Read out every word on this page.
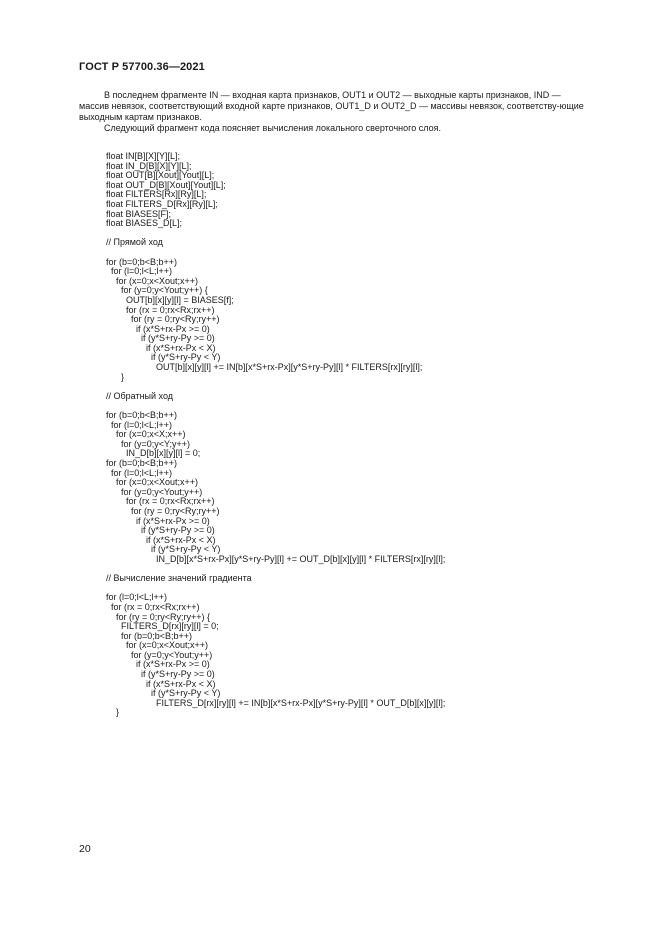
ГОСТ Р 57700.36—2021

В последнем фрагменте IN — входная карта признаков, OUT1 и OUT2 — выходные карты признаков, IND — массив невязок, соответствующий входной карте признаков, OUT1_D и OUT2_D — массивы невязок, соответству-ющие выходным картам признаков.

Следующий фрагмент кода поясняет вычисления локального сверточного слоя.

float IN[B][X][Y][L];
float IN_D[B][X][Y][L];
float OUT[B][Xout][Yout][L];
float OUT_D[B][Xout][Yout][L];
float FILTERS[Rx][Ry][L];
float FILTERS_D[Rx][Ry][L];
float BIASES[F];
float BIASES_D[L];
// Прямой ход
for (b=0;b<B;b++)
for (l=0;l<L;l++)
for (x=0;x<Xout;x++)
for (y=0;y<Yout;y++) {
OUT[b][x][y][l] = BIASES[f];
for (rx = 0;rx<Rx;rx++)
for (ry = 0;ry<Ry;ry++)
if (x*S+rx-Px >= 0)
if (y*S+ry-Py >= 0)
if (x*S+rx-Px < X)
if (y*S+ry-Py < Y)
OUT[b][x][y][l] += IN[b][x*S+rx-Px][y*S+ry-Py][l] * FILTERS[rx][ry][l];
}
// Обратный ход
for (b=0;b<B;b++)
for (l=0;l<L;l++)
for (x=0;x<X;x++)
for (y=0;y<Y;y++)
IN_D[b][x][y][l] = 0;
for (b=0;b<B;b++)
for (l=0;l<L;l++)
for (x=0;x<Xout;x++)
for (y=0;y<Yout;y++)
for (rx = 0;rx<Rx;rx++)
for (ry = 0;ry<Ry;ry++)
if (x*S+rx-Px >= 0)
if (y*S+ry-Py >= 0)
if (x*S+rx-Px < X)
if (y*S+ry-Py < Y)
IN_D[b][x*S+rx-Px][y*S+ry-Py][l] += OUT_D[b][x][y][l] * FILTERS[rx][ry][l];
// Вычисление значений градиента
for (l=0;l<L;l++)
for (rx = 0;rx<Rx;rx++)
for (ry = 0;ry<Ry;ry++) {
FILTERS_D[rx][ry][l] = 0;
for (b=0;b<B;b++)
for (x=0;x<Xout;x++)
for (y=0;y<Yout;y++)
if (x*S+rx-Px >= 0)
if (y*S+ry-Py >= 0)
if (x*S+rx-Px < X)
if (y*S+ry-Py < Y)
FILTERS_D[rx][ry][l] += IN[b][x*S+rx-Px][y*S+ry-Py][l] * OUT_D[b][x][y][l];
}
20
